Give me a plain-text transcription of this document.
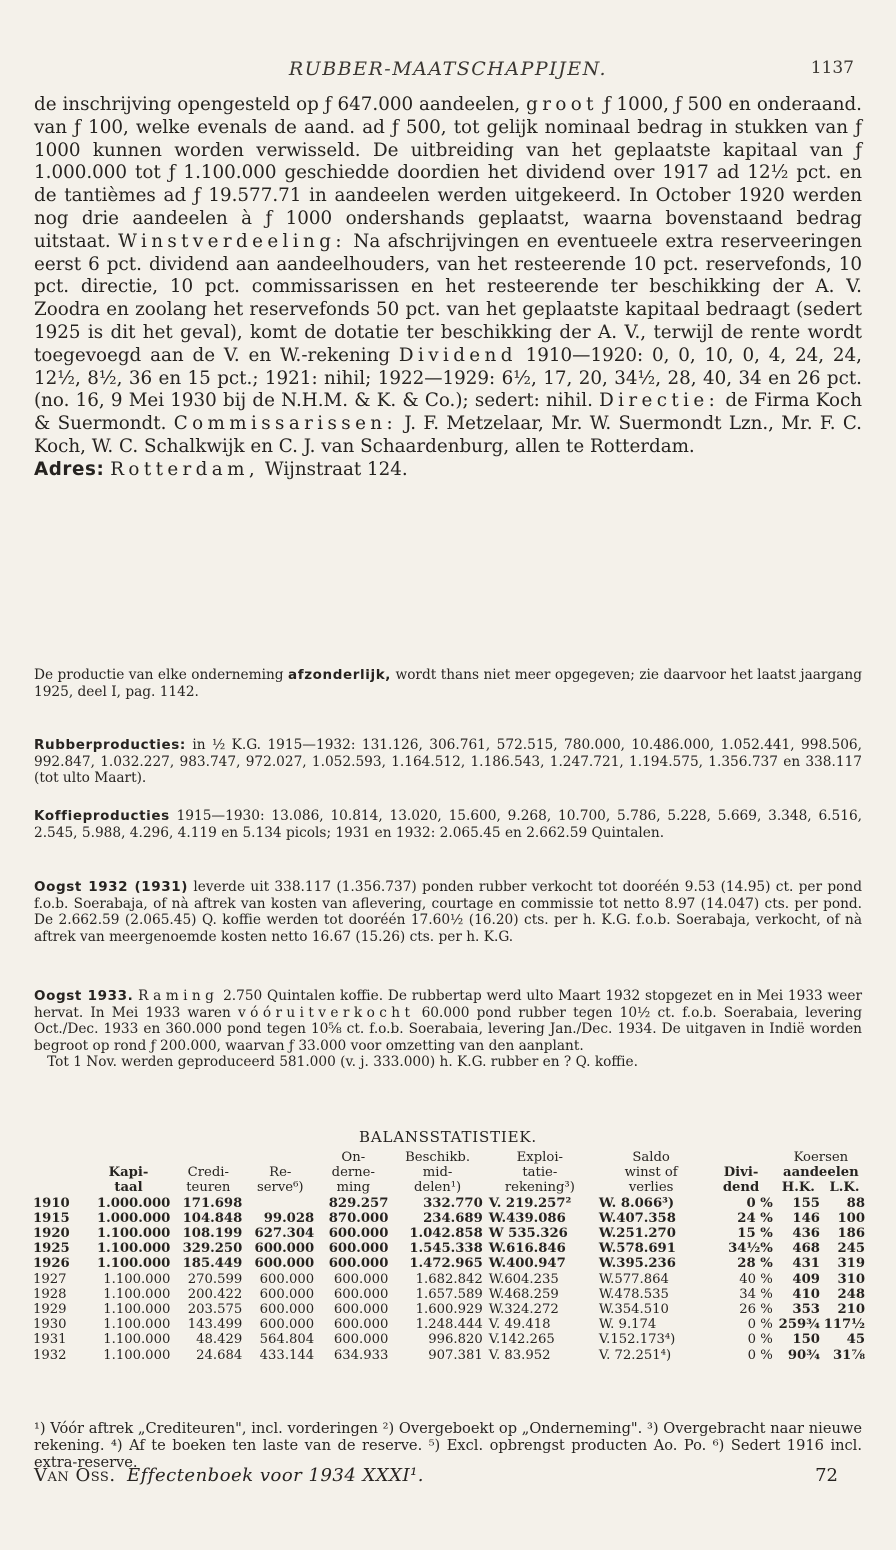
RUBBER-MAATSCHAPPIJEN.	1137
de inschrijving opengesteld op ƒ 647.000 aandeelen, groot ƒ 1000, ƒ 500 en onderaand. van ƒ 100, welke evenals de aand. ad ƒ 500, tot gelijk nominaal bedrag in stukken van ƒ 1000 kunnen worden verwisseld. De uitbreiding van het geplaatste kapitaal van ƒ 1.000.000 tot ƒ 1.100.000 geschiedde doordien het dividend over 1917 ad 12½ pct. en de tantièmes ad ƒ 19.577.71 in aandeelen werden uitgekeerd. In October 1920 werden nog drie aandeelen à ƒ 1000 ondershands geplaatst, waarna bovenstaand bedrag uitstaat. Winstverdeeling: Na afschrijvingen en eventueele extra reserveeringen eerst 6 pct. dividend aan aandeelhouders, van het resteerende 10 pct. reservefonds, 10 pct. directie, 10 pct. commissarissen en het resteerende ter beschikking der A. V. Zoodra en zoolang het reservefonds 50 pct. van het geplaatste kapitaal bedraagt (sedert 1925 is dit het geval), komt de dotatie ter beschikking der A. V., terwijl de rente wordt toegevoegd aan de V. en W.-rekening Dividend 1910—1920: 0, 0, 10, 0, 4, 24, 24, 12½, 8½, 36 en 15 pct.; 1921: nihil; 1922—1929: 6½, 17, 20, 34½, 28, 40, 34 en 26 pct. (no. 16, 9 Mei 1930 bij de N.H.M. & K. & Co.); sedert: nihil. Directie: de Firma Koch & Suermondt. Commissarissen: J. F. Metzelaar, Mr. W. Suermondt Lzn., Mr. F. C. Koch, W. C. Schalkwijk en C. J. van Schaardenburg, allen te Rotterdam.
Adres: Rotterdam, Wijnstraat 124.
De productie van elke onderneming afzonderlijk, wordt thans niet meer opgegeven; zie daarvoor het laatst jaargang 1925, deel I, pag. 1142.
Rubberproducties: in ½ K.G. 1915—1932: 131.126, 306.761, 572.515, 780.000, 10.486.000, 1.052.441, 998.506, 992.847, 1.032.227, 983.747, 972.027, 1.052.593, 1.164.512, 1.186.543, 1.247.721, 1.194.575, 1.356.737 en 338.117 (tot ulto Maart).
Koffieproducties 1915—1930: 13.086, 10.814, 13.020, 15.600, 9.268, 10.700, 5.786, 5.228, 5.669, 3.348, 6.516, 2.545, 5.988, 4.296, 4.119 en 5.134 picols; 1931 en 1932: 2.065.45 en 2.662.59 Quintalen.
Oogst 1932 (1931) leverde uit 338.117 (1.356.737) ponden rubber verkocht tot dooréén 9.53 (14.95) ct. per pond f.o.b. Soerabaja, of nà aftrek van kosten van aflevering, courtage en commissie tot netto 8.97 (14.047) cts. per pond. De 2.662.59 (2.065.45) Q. koffie werden tot dooréén 17.60½ (16.20) cts. per h. K.G. f.o.b. Soerabaja, verkocht, of nà aftrek van meergenoemde kosten netto 16.67 (15.26) cts. per h. K.G.
Oogst 1933. Raming 2.750 Quintalen koffie. De rubbertap werd ulto Maart 1932 stopgezet en in Mei 1933 weer hervat. In Mei 1933 waren vóóruitverkocht 60.000 pond rubber tegen 10½ ct. f.o.b. Soerabaia, levering Oct./Dec. 1933 en 360.000 pond tegen 10⅝ ct. f.o.b. Soerabaia, levering Jan./Dec. 1934. De uitgaven in Indië worden begroot op rond ƒ 200.000, waarvan ƒ 33.000 voor omzetting van den aanplant.
Tot 1 Nov. werden geproduceerd 581.000 (v. j. 333.000) h. K.G. rubber en ? Q. koffie.
BALANSSTATISTIEK.
				On-	Beschikb.	Exploi-	Saldo		Koersen	
	Kapi-	Credi-	Re-	derne-	mid-	tatie-	winst of	Divi-	aandeelen	
	taal	teuren	serve⁶)	ming	delen¹)	rekening³)	verlies	dend	H.K.	L.K.
1910	1.000.000	171.698		829.257	332.770	V. 219.257²	W. 8.066³)	0 %	155	88
1915	1.000.000	104.848	99.028	870.000	234.689	W.439.086	W.407.358	24 %	146	100
1920	1.100.000	108.199	627.304	600.000	1.042.858	W 535.326	W.251.270	15 %	436	186
1925	1.100.000	329.250	600.000	600.000	1.545.338	W.616.846	W.578.691	34½%	468	245
1926	1.100.000	185.449	600.000	600.000	1.472.965	W.400.947	W.395.236	28 %	431	319
1927	1.100.000	270.599	600.000	600.000	1.682.842	W.604.235	W.577.864	40 %	409	310
1928	1.100.000	200.422	600.000	600.000	1.657.589	W.468.259	W.478.535	34 %	410	248
1929	1.100.000	203.575	600.000	600.000	1.600.929	W.324.272	W.354.510	26 %	353	210
1930	1.100.000	143.499	600.000	600.000	1.248.444	V. 49.418	W. 9.174	0 %	259¾	117½
1931	1.100.000	48.429	564.804	600.000	996.820	V.142.265	V.152.173⁴)	0 %	150	45
1932	1.100.000	24.684	433.144	634.933	907.381	V. 83.952	V. 72.251⁴)	0 %	90¾	31⅞
¹) Vóór aftrek „Crediteuren", incl. vorderingen ²) Overgeboekt op „Onderneming". ³) Overgebracht naar nieuwe rekening. ⁴) Af te boeken ten laste van de reserve. ⁵) Excl. opbrengst producten Ao. Po. ⁶) Sedert 1916 incl. extra-reserve.
Van Oss. Effectenboek voor 1934 XXXI¹.	72
